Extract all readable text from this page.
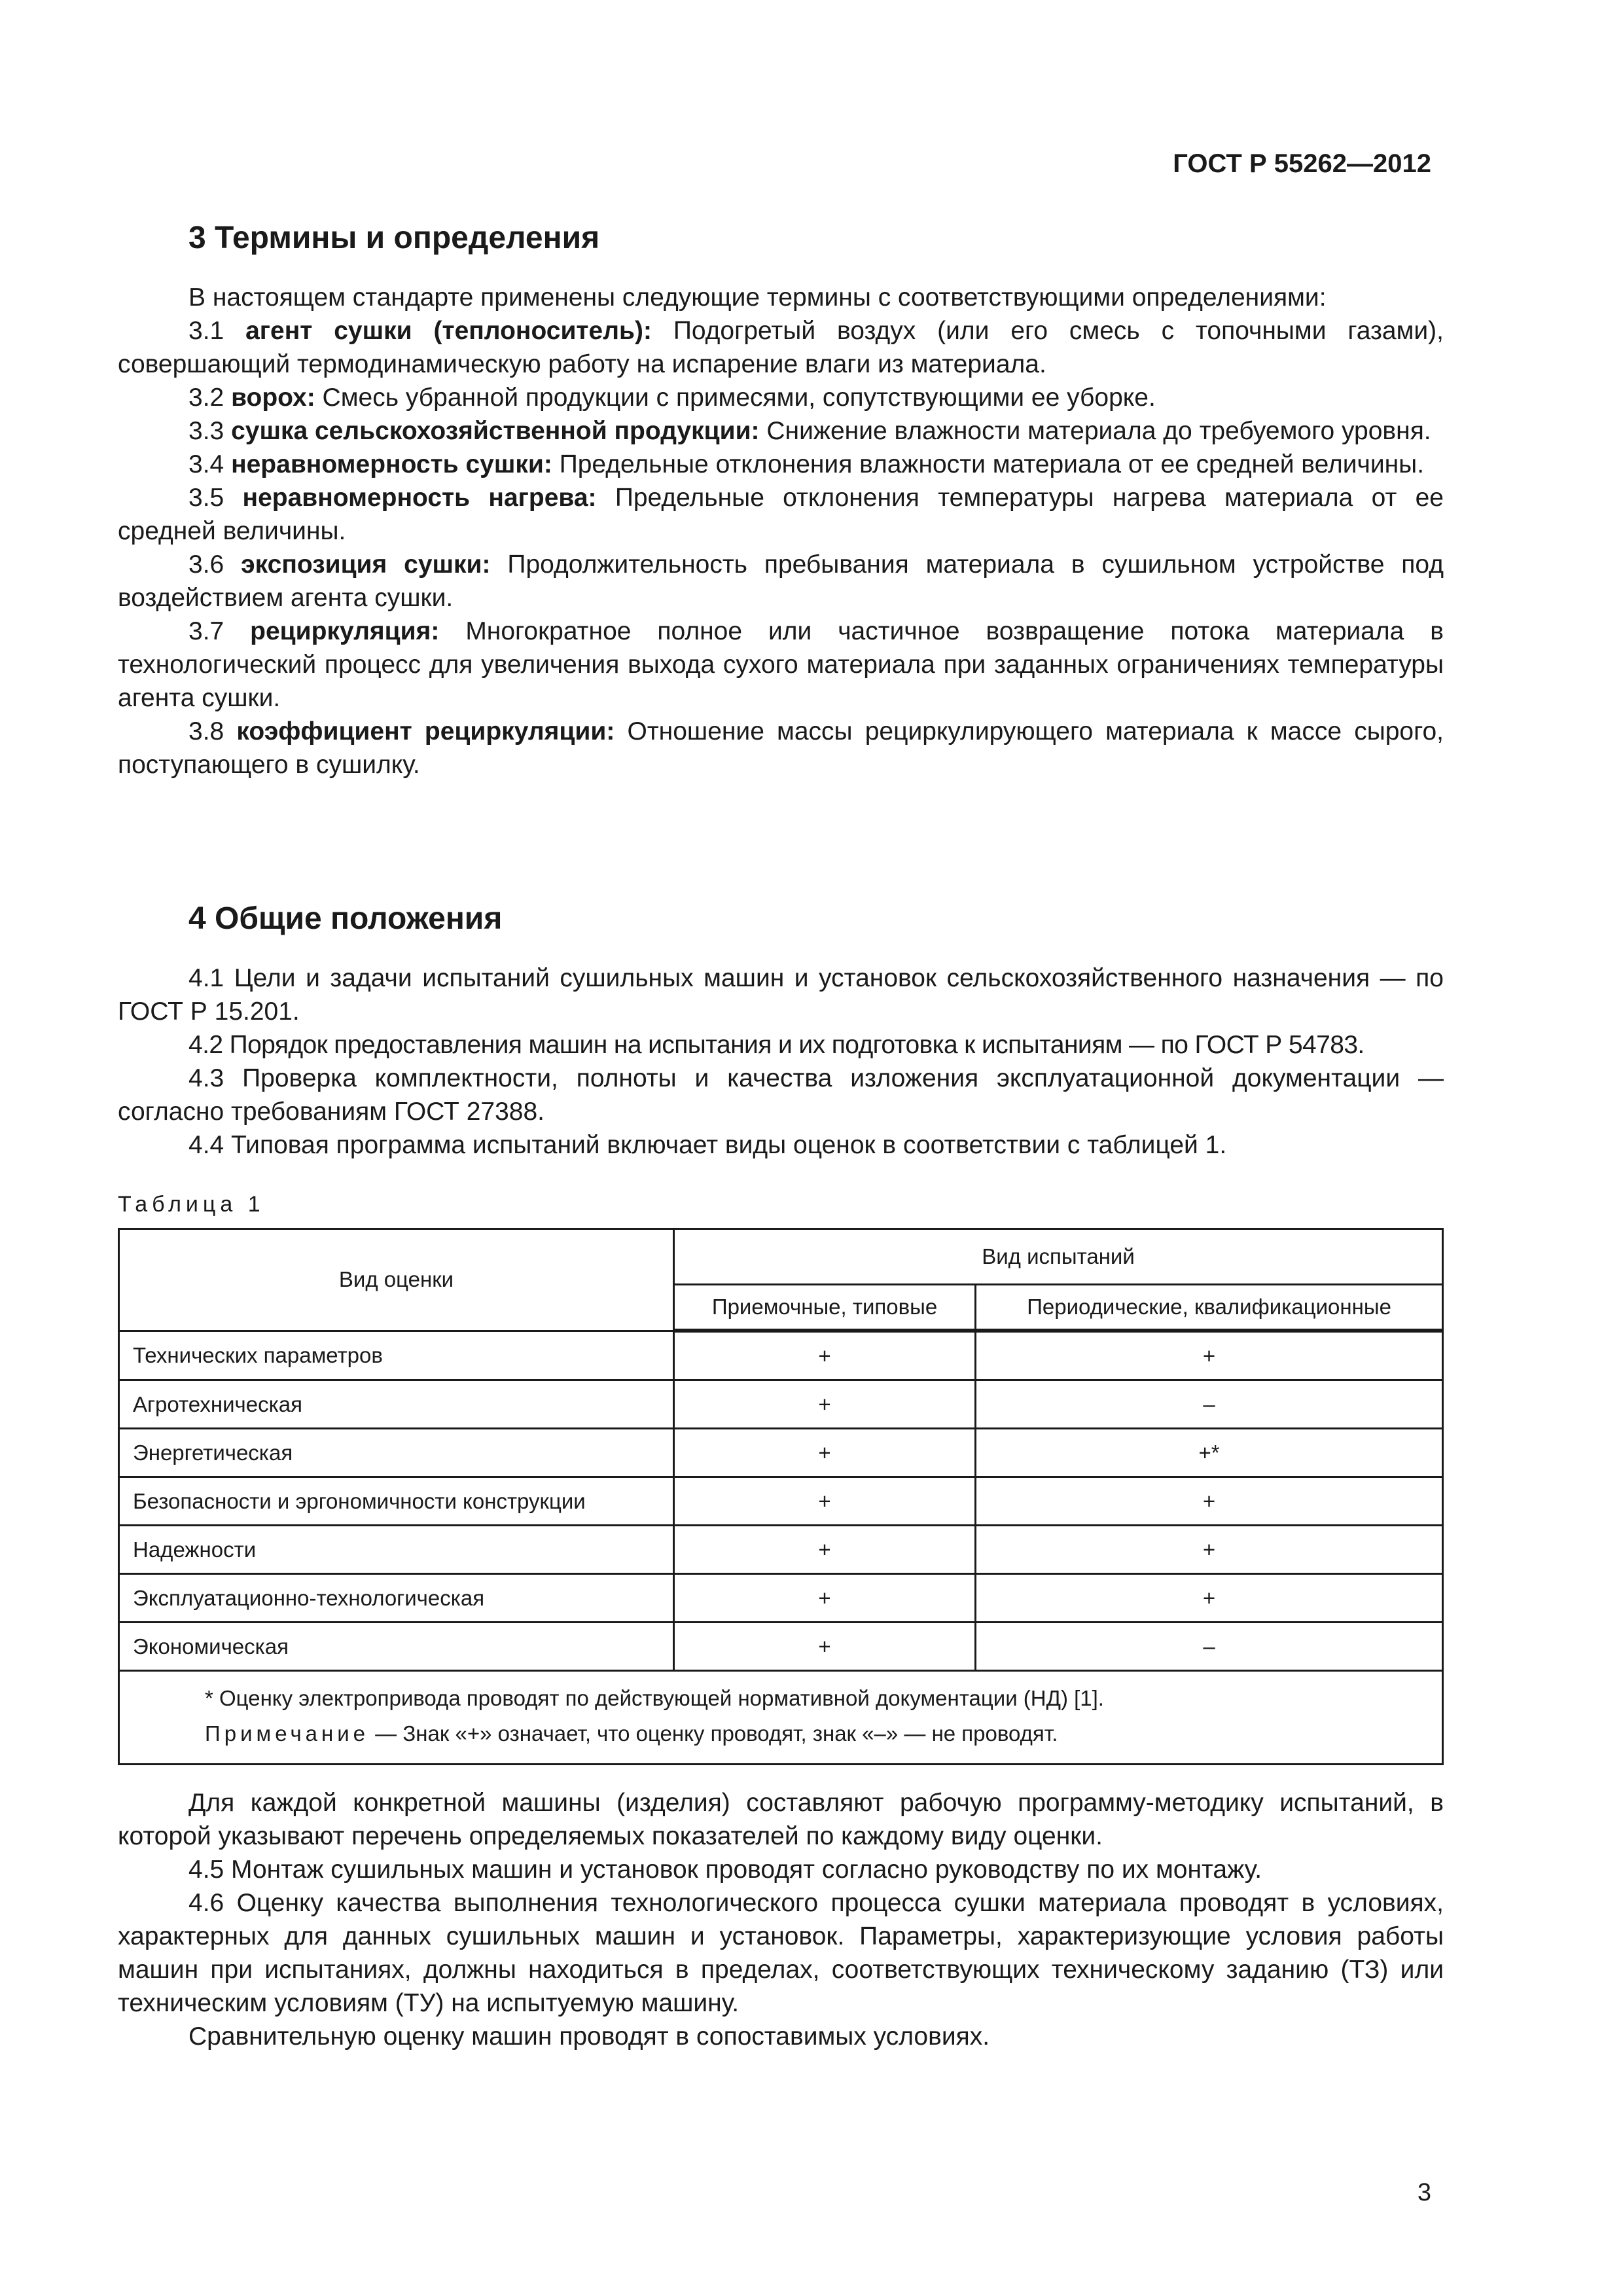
ГОСТ Р 55262—2012
3 Термины и определения

В настоящем стандарте применены следующие термины с соответствующими определениями:

3.1 агент сушки (теплоноситель): Подогретый воздух (или его смесь с топочными газами), совершающий термодинамическую работу на испарение влаги из материала.

3.2 ворох: Смесь убранной продукции с примесями, сопутствующими ее уборке.

3.3 сушка сельскохозяйственной продукции: Снижение влажности материала до требуемого уровня.

3.4 неравномерность сушки: Предельные отклонения влажности материала от ее средней величины.

3.5 неравномерность нагрева: Предельные отклонения температуры нагрева материала от ее средней величины.

3.6 экспозиция сушки: Продолжительность пребывания материала в сушильном устройстве под воздействием агента сушки.

3.7 рециркуляция: Многократное полное или частичное возвращение потока материала в технологический процесс для увеличения выхода сухого материала при заданных ограничениях температуры агента сушки.

3.8 коэффициент рециркуляции: Отношение массы рециркулирующего материала к массе сырого, поступающего в сушилку.

4 Общие положения

4.1 Цели и задачи испытаний сушильных машин и установок сельскохозяйственного назначения — по ГОСТ Р 15.201.

4.2 Порядок предоставления машин на испытания и их подготовка к испытаниям — по ГОСТ Р 54783.

4.3 Проверка комплектности, полноты и качества изложения эксплуатационной документации — согласно требованиям ГОСТ 27388.

4.4 Типовая программа испытаний включает виды оценок в соответствии с таблицей 1.

Таблица 1
Вид оценки	Вид испытаний	
	Приемочные, типовые	Периодические, квалификационные
Технических параметров	+	+
Агротехническая	+	–
Энергетическая	+	+*
Безопасности и эргономичности конструкции	+	+
Надежности	+	+
Эксплуатационно-технологическая	+	+
Экономическая	+	–

* Оценку электропривода проводят по действующей нормативной документации (НД) [1].
Примечание — Знак «+» означает, что оценку проводят, знак «–» — не проводят.		

Для каждой конкретной машины (изделия) составляют рабочую программу-методику испытаний, в которой указывают перечень определяемых показателей по каждому виду оценки.

4.5 Монтаж сушильных машин и установок проводят согласно руководству по их монтажу.

4.6 Оценку качества выполнения технологического процесса сушки материала проводят в условиях, характерных для данных сушильных машин и установок. Параметры, характеризующие условия работы машин при испытаниях, должны находиться в пределах, соответствующих техническому заданию (ТЗ) или техническим условиям (ТУ) на испытуемую машину.

Сравнительную оценку машин проводят в сопоставимых условиях.

3
